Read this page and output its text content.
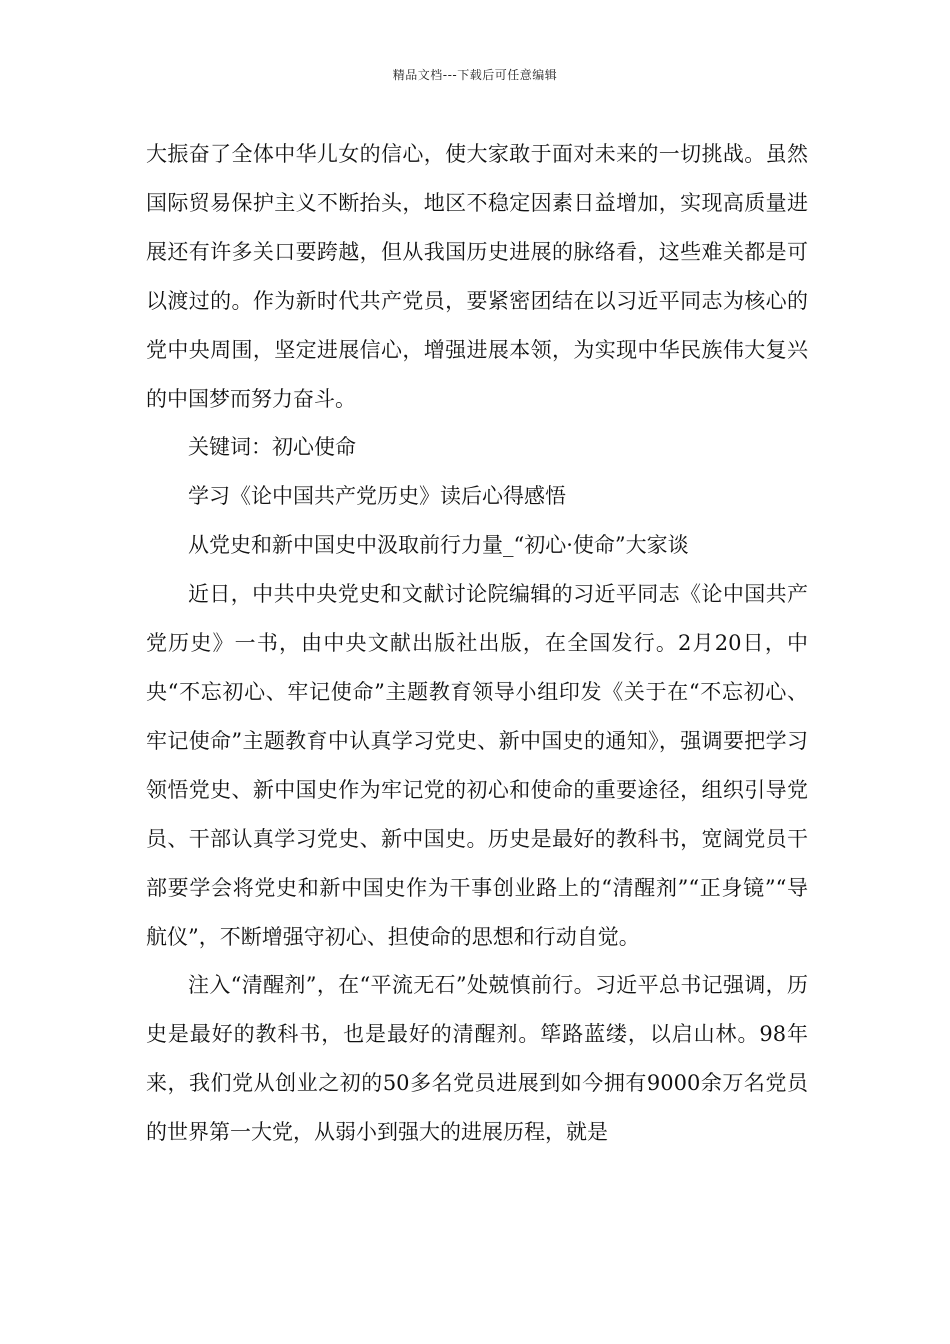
精品文档---下载后可任意编辑

大振奋了全体中华儿女的信心，使大家敢于面对未来的一切挑战。虽然国际贸易保护主义不断抬头，地区不稳定因素日益增加，实现高质量进展还有许多关口要跨越，但从我国历史进展的脉络看，这些难关都是可以渡过的。作为新时代共产党员，要紧密团结在以习近平同志为核心的党中央周围，坚定进展信心，增强进展本领，为实现中华民族伟大复兴的中国梦而努力奋斗。

关键词：初心使命

学习《论中国共产党历史》读后心得感悟

从党史和新中国史中汲取前行力量_“初心·使命”大家谈

近日，中共中央党史和文献讨论院编辑的习近平同志《论中国共产党历史》一书，由中央文献出版社出版，在全国发行。2月20日，中央“不忘初心、牢记使命”主题教育领导小组印发《关于在“不忘初心、牢记使命”主题教育中认真学习党史、新中国史的通知》，强调要把学习领悟党史、新中国史作为牢记党的初心和使命的重要途径，组织引导党员、干部认真学习党史、新中国史。历史是最好的教科书，宽阔党员干部要学会将党史和新中国史作为干事创业路上的“清醒剂”“正身镜”“导航仪”，不断增强守初心、担使命的思想和行动自觉。

注入“清醒剂”，在“平流无石”处兢慎前行。习近平总书记强调，历史是最好的教科书，也是最好的清醒剂。筚路蓝缕，以启山林。98年来，我们党从创业之初的50多名党员进展到如今拥有9000余万名党员的世界第一大党，从弱小到强大的进展历程，就是
